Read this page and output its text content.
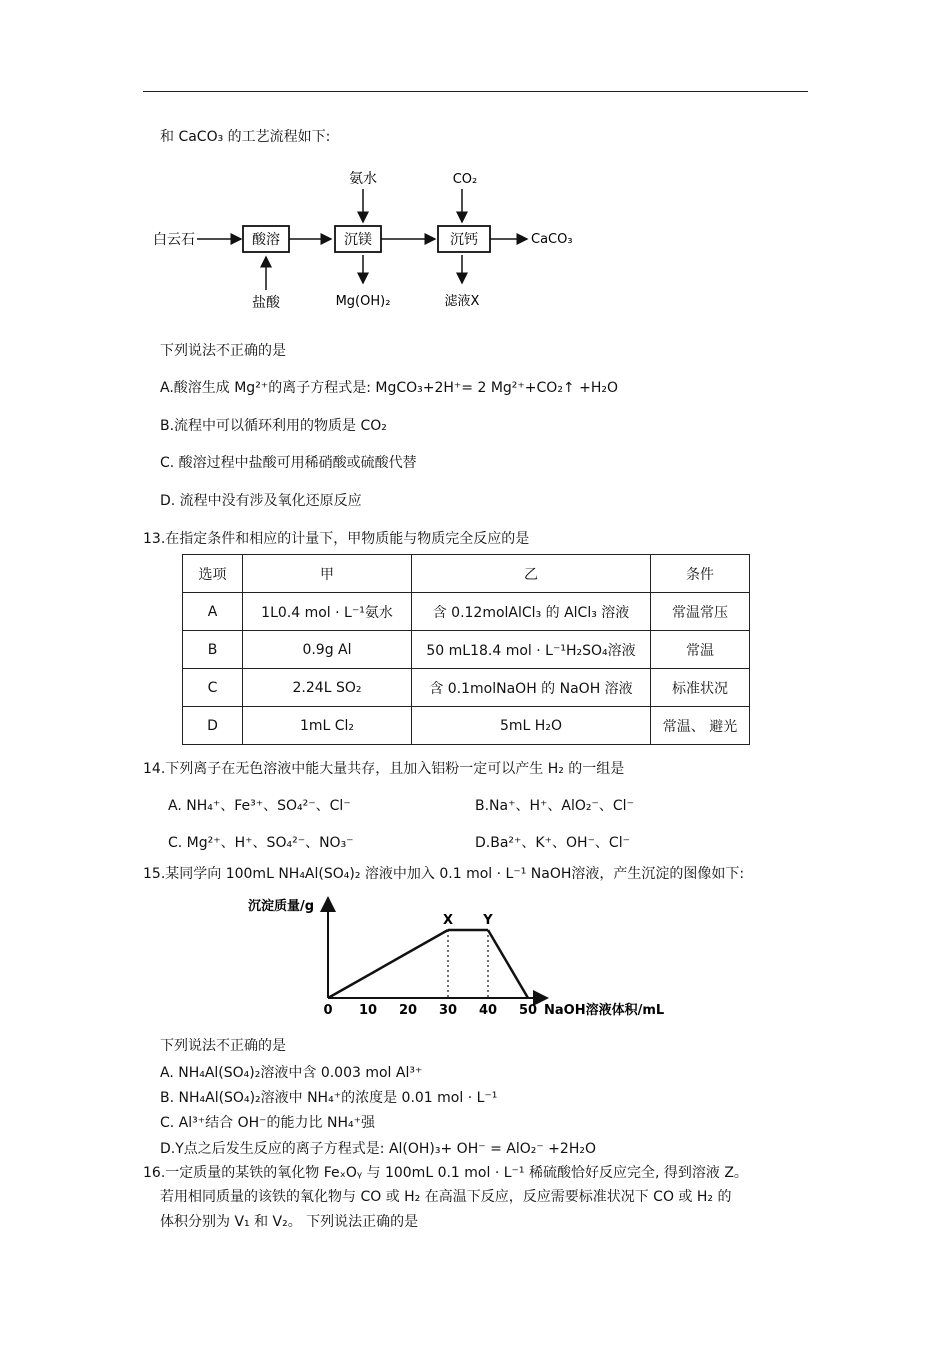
和 CaCO₃ 的工艺流程如下:
白云石	酸溶	沉镁	沉钙	CaCO₃
盐酸
氨水
Mg(OH)₂
CO₂
滤液X
下列说法不正确的是
A.酸溶生成 Mg²⁺的离子方程式是: MgCO₃+2H⁺= 2 Mg²⁺+CO₂↑ +H₂O
B.流程中可以循环利用的物质是 CO₂
C. 酸溶过程中盐酸可用稀硝酸或硫酸代替
D. 流程中没有涉及氧化还原反应
13.在指定条件和相应的计量下，甲物质能与物质完全反应的是
选项	甲	乙	条件
A	1L0.4 mol · L⁻¹氨水	含 0.12molAlCl₃ 的 AlCl₃ 溶液	常温常压
B	0.9g Al	50 mL18.4 mol · L⁻¹H₂SO₄溶液	常温
C	2.24L SO₂	含 0.1molNaOH 的 NaOH 溶液	标准状况
D	1mL Cl₂	5mL H₂O	常温、 避光
14.下列离子在无色溶液中能大量共存，且加入铝粉一定可以产生 H₂ 的一组是
A. NH₄⁺、Fe³⁺、SO₄²⁻、Cl⁻	B.Na⁺、H⁺、AlO₂⁻、Cl⁻
C. Mg²⁺、H⁺、SO₄²⁻、NO₃⁻	D.Ba²⁺、K⁺、OH⁻、Cl⁻
15.某同学向 100mL NH₄Al(SO₄)₂ 溶液中加入 0.1 mol · L⁻¹ NaOH溶液，产生沉淀的图像如下:
沉淀质量/g
NaOH溶液体积/mL
0 10 20 30 40 50
X Y
下列说法不正确的是
A. NH₄Al(SO₄)₂溶液中含 0.003 mol Al³⁺
B. NH₄Al(SO₄)₂溶液中 NH₄⁺的浓度是 0.01 mol · L⁻¹
C. Al³⁺结合 OH⁻的能力比 NH₄⁺强
D.Y点之后发生反应的离子方程式是: Al(OH)₃+ OH⁻ = AlO₂⁻ +2H₂O
16.一定质量的某铁的氧化物 FeₓOᵧ 与 100mL 0.1 mol · L⁻¹ 稀硫酸恰好反应完全, 得到溶液 Z。
若用相同质量的该铁的氧化物与 CO 或 H₂ 在高温下反应，反应需要标准状况下 CO 或 H₂ 的
体积分别为 V₁ 和 V₂。 下列说法正确的是
